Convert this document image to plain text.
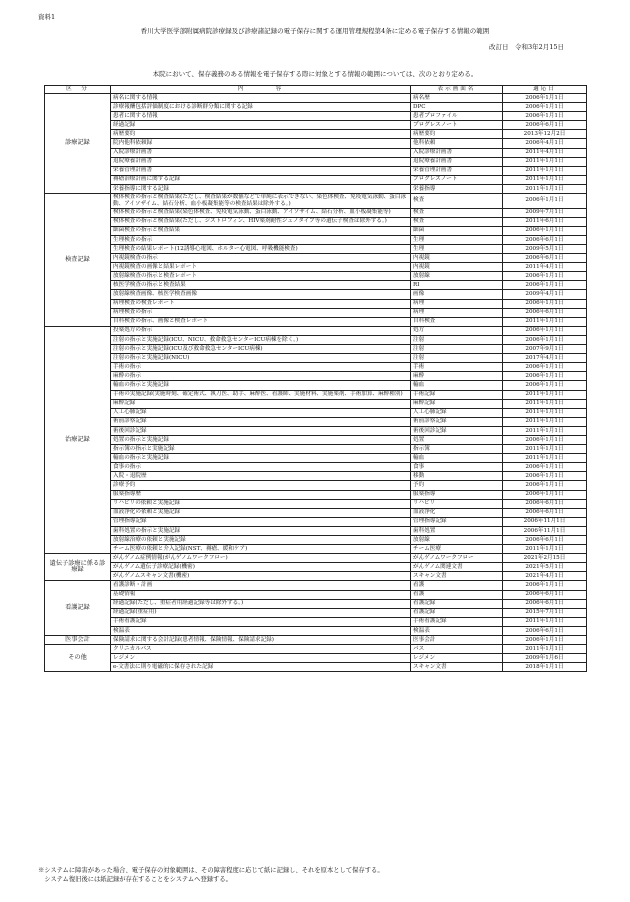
資料1
香川大学医学部附属病院診療録及び診療諸記録の電子保存に関する運用管理規程第4条に定める電子保存する情報の範囲
改訂日　令和3年2月15日
本院において、保存義務のある情報を電子保存する際に対象とする情報の範囲については、次のとおり定める。
区　分	内　　　　容	表示画面名	適応日
診療記録	病名に関する情報	病名歴	2006年1月1日
	診療報酬包括評価制度における診断群分類に関する記録	DPC	2006年1月1日
	患者に関する情報	患者プロファイル	2006年1月1日
	経過記録	プログレスノート	2006年6月1日
	病歴要約	病歴要約	2013年12月2日
	院内他科依頼録	他科依頼	2006年4月1日
	入院診療計画書	入院診療計画書	2011年4月1日
	退院療養計画書	退院療養計画書	2011年1月1日
	栄養管理計画書	栄養管理計画書	2011年1月1日
	褥瘡治療計画に関する記録	プログレスノート	2011年1月1日
	栄養指導に関する記録	栄養指導	2011年1月1日
検査記録	検体検査の指示と検査結果(ただし、検査結果が数値などで単純に表示できない、染色体検査、免疫電気泳動、蛋白泳動、アイソザイム、結石分析、血小板凝集能等の検査結果は除外する。)	検査	2006年1月1日
	検体検査の指示と検査結果(染色体検査、免疫電気泳動、蛋白泳動、アイソザイム、結石分析、血小板凝集能等)	検査	2009年7月1日
	検体検査の指示と検査結果(ただし、ジストロフィン、HIV薬剤耐性ジェノタイプ等の遺伝子検査は除外する。)	検査	2011年6月1日
	細菌検査の指示と検査結果	細菌	2006年1月1日
	生理検査の指示	生理	2006年6月1日
	生理検査の結果レポート(12誘導心電図、ホルター心電図、呼吸機能検査)	生理	2009年5月1日
	内視鏡検査の指示	内視鏡	2006年6月1日
	内視鏡検査の画像と結果レポート	内視鏡	2011年4月1日
	放射線検査の指示と検査レポート	放射線	2006年1月1日
	核医学検査の指示と検査結果	RI	2006年1月1日
	放射線検査画像、核医学検査画像	画像	2009年4月1日
	病理検査の検査レポート	病理	2006年1月1日
	病理検査の指示	病理	2006年6月1日
	自科検査の指示、画像と検査レポート	自科検査	2011年1月1日
治療記録	投薬処方の指示	処方	2006年1月1日
	注射の指示と実施記録(ICU、NICU、救命救急センターICU病棟を除く。)	注射	2006年1月1日
	注射の指示と実施記録(ICU及び救命救急センターICU病棟)	注射	2007年9月1日
	注射の指示と実施記録(NICU)	注射	2017年4月1日
	手術の指示	手術	2006年1月1日
	麻酔の指示	麻酔	2006年1月1日
	輸血の指示と実施記録	輸血	2006年1月1日
	手術の実施記録(実施時刻、確定術式、執刀医、助手、麻酔医、看護師、実施材料、実施薬剤、手術加算、麻酔種別)	手術記録	2011年1月1日
	麻酔記録	麻酔記録	2011年1月1日
	人工心肺記録	人工心肺記録	2011年1月1日
	術前診察記録	術前診察記録	2011年1月1日
	術後回診記録	術後回診記録	2011年1月1日
	処置の指示と実施記録	処置	2006年1月1日
	指示簿の指示と実施記録	指示簿	2011年1月1日
	輸血の指示と実施記録	輸血	2011年1月1日
	食事の指示	食事	2006年1月1日
	入院・退院歴	移動	2006年1月1日
	診療予約	予約	2006年1月1日
	服薬指導歴	服薬指導	2006年1月1日
	リハビリの依頼と実施記録	リハビリ	2006年6月1日
	血液浄化の依頼と実施記録	血液浄化	2006年6月1日
	管理指導記録	管理指導記録	2006年11月1日
	歯科処置の指示と実施記録	歯科処置	2006年11月1日
	放射線治療の依頼と実施記録	放射線	2006年6月1日
	チーム医療の依頼と介入記録(NST、褥瘡、緩和ケア)	チーム医療	2011年1月1日
遺伝子診療に係る診療録	がんゲノム症例情報(がんゲノムワークフロー)	がんゲノムワークフロー	2021年2月15日
	がんゲノム遺伝子診療記録(機密)	がんゲノム関連文書	2021年5月1日
	がんゲノムスキャン文書(機密)	スキャン文書	2021年4月1日
看護記録	看護診断・計画	看護	2006年1月1日
	基礎情報	看護	2006年6月1日
	経過記録(ただし、重症者用経過記録等は除外する。)	看護記録	2006年6月1日
	経過記録(重症用)	看護記録	2015年7月1日
	手術看護記録	手術看護記録	2011年1月1日
	検温表	検温表	2006年6月1日
医事会計	保険請求に関する会計記録(患者情報、保険情報、保険請求記録)	医事会計	2006年1月1日
その他	クリニカルパス	パス	2011年1月1日
	レジメン	レジメン	2009年1月6日
	e-文書法に則り電磁的に保存された記録	スキャン文書	2018年1月1日
※システムに障害があった場合、電子保存の対象範囲は、その障害程度に応じて紙に記録し、それを原本として保存する。
　システム復旧後には紙記録が存在することをシステムへ登録する。
